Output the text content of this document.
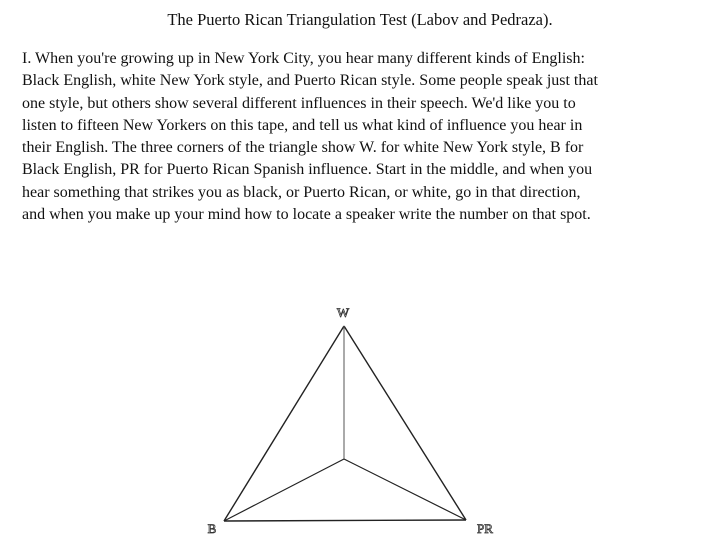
The Puerto Rican Triangulation Test (Labov and Pedraza).
I. When you're growing up in New York City, you hear many different kinds of English:
Black English, white New York style, and Puerto Rican style. Some people speak just that
one style, but others show several different influences in their speech. We'd like you to
listen to fifteen New Yorkers on this tape, and tell us what kind of influence you hear in
their English. The three corners of the triangle show W. for white New York style, B for
Black English, PR for Puerto Rican Spanish influence. Start in the middle, and when you
hear something that strikes you as black, or Puerto Rican, or white, go in that direction,
and when you make up your mind how to locate a speaker write the number on that spot.
W
B	PR
